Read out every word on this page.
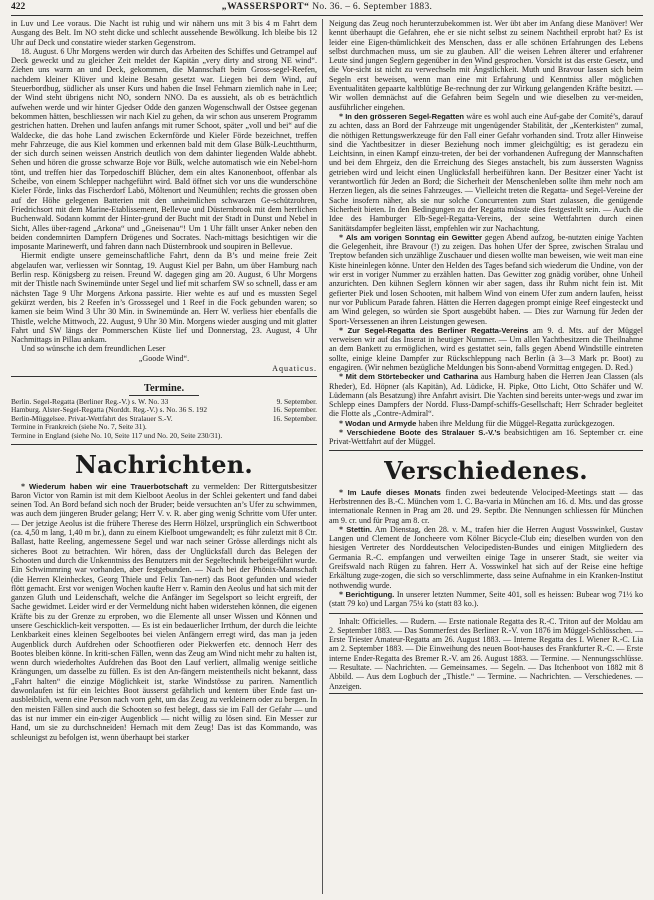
422	„WASSERSPORT“ No. 36. – 6. September 1883.

in Luv und Lee voraus. Die Nacht ist ruhig und wir nähern uns mit 3 bis 4 m Fahrt dem Ausgang des Belt. Im NO steht dicke und schlecht aussehende Bewölkung. Ich bleibe bis 12 Uhr auf Deck und constatire wieder starken Gegenstrom.

18. August. 6 Uhr Morgens werden wir durch das Arbeiten des Schiffes und Getrampel auf Deck geweckt und zu gleicher Zeit meldet der Kapitän „very dirty and strong NE wind“. Ziehen uns warm an und Deck, gekommen, die Mannschaft beim Gross-segel-Reefen, nachdem kleiner Klüver und kleine Besahn gesetzt war. Liegen bei dem Wind, auf Steuerbordbug, südlicher als unser Kurs und haben die Insel Fehmarn ziemlich nahe in Lee; der Wind steht übrigens nicht NO, sondern NNO. Da es aussieht, als ob es beträchtlich aufwehen werde und wir hinter Gjedser Odde den ganzen Wogenschwall der Ostsee gegenan bekommen hätten, beschliessen wir nach Kiel zu gehen, da wir schon aus unserem Programm gestrichen hatten. Drehen und laufen anfangs mit rumer Schoot, später „voll und bei“ auf die Waldecke, die das hohe Land zwischen Eckernförde und Kieler Förde bezeichnet, treffen mehr Fahrzeuge, die aus Kiel kommen und erkennen bald mit dem Glase Bülk-Leuchtthurm, der sich durch seinen weissen Anstrich deutlich von dem dahinter liegenden Walde abhebt. Sehen und hören die grosse schwarze Boje vor Bülk, welche automatisch wie ein Nebel-horn tönt, und treffen hier das Torpedoschiff Blücher, dem ein altes Kanonenboot, offenbar als Scheibe, von einem Schlepper nachgeführt wird. Bald öffnet sich vor uns die wunderschöne Kieler Förde, links das Fischerdorf Labö, Möltenort und Neumühlen; rechts die grossen oben auf der Höhe gelegenen Batterien mit den unheimlichen schwarzen Ge-schützrohren, Friedrichsort mit dem Marine-Etablissement, Bellevue und Düsternbrook mit dem herrlichen Buchenwald. Sodann kommt der Hinter-grund der Bucht mit der Stadt in Dunst und Nebel in Sicht, Alles über-ragend „Arkona“ und „Gneisenau“! Um 1 Uhr fällt unser Anker neben den beiden condemnirten Dampfern Drögenes und Socrates. Nach-mittags besichtigen wir die imposante Marinewerft, und fahren dann nach Düsternbrook und soupiren in Bellevue.

Hiermit endigte unsere gemeinschaftliche Fahrt, denn da B’s und meine freie Zeit abgelaufen war, verliessen wir Sonntag, 19. August Kiel per Bahn, um über Hamburg nach Berlin resp. Königsberg zu reisen. Freund W. dagegen ging am 20. August, 6 Uhr Morgens mit der Thistle nach Swinemünde unter Segel und lief mit scharfem SW so schnell, dass er am nächsten Tage 9 Uhr Morgens Arkona passirte. Hier wehte es auf und es mussten Segel gekürzt werden, bis 2 Reefen in’s Grosssegel und 1 Reef in die Fock gebunden waren; so kamen sie beim Wind 3 Uhr 30 Min. in Swinemünde an. Herr W. verliess hier ebenfalls die Thistle, welche Mittwoch, 22. August, 9 Uhr 30 Min. Morgens wieder ausging und mit glatter Fahrt und SW längs der Pommerschen Küste lief und Donnerstag, 23. August, 4 Uhr Nachmittags in Pillau ankam.

Und so wünsche ich dem freundlichen Leser

„Goode Wind“.
Aquaticus.
Termine.
Berlin. Segel-Regatta (Berliner Reg.-V.) s. W. No. 33	9. September.
Hamburg. Alster-Segel-Regatta (Norddt. Reg.-V.) s. No. 36 S. 192	16. September.
Berlin-Müggelsee. Privat-Wettfahrt des Stralauer S.-V.	16. September.
Termine in Frankreich (siehe No. 7, Seite 31).
Termine in England (siehe No. 10, Seite 117 und No. 20, Seite 230/31).
Nachrichten.

* Wiederum haben wir eine Trauerbotschaft zu vermelden: Der Rittergutsbesitzer Baron Victor von Ramin ist mit dem Kielboot Aeolus in der Schlei gekentert und fand dabei seinen Tod. An Bord befand sich noch der Bruder; beide versuchten an’s Ufer zu schwimmen, was auch dem jüngeren Bruder gelang; Herr V. v. R. aber ging wenig Schritte vom Ufer unter. — Der jetzige Aeolus ist die frühere Therese des Herrn Hölzel, ursprünglich ein Schwertboot (ca. 4,50 m lang, 1,40 m br.), dann zu einem Kielboot umgewandelt; es führ zuletzt mit 8 Ctr. Ballast, hatte Reeling, angemessene Segel und war nach seiner Grösse allerdings nicht als sicheres Boot zu betrachten. Wir hören, dass der Unglücksfall durch das Belegen der Schooten und durch die Unkenntniss des Benutzers mit der Segeltechnik herbeigeführt wurde. Ein Schwimmring war vorhanden, aber festgebunden. — Nach bei der Phönix-Mannschaft (die Herren Kleinheckes, Georg Thiele und Felix Tan-nert) das Boot gefunden und wieder flött gemacht. Erst vor wenigen Wochen kaufte Herr v. Ramin den Aeolus und hat sich mit der ganzen Gluth und Leidenschaft, welche die Anfänger im Segelsport so leicht ergreift, der Sache gewidmet. Leider wird er der Vermeldung nicht haben widerstehen können, die eigenen Kräfte bis zu der Grenze zu erproben, wo die Elemente all unser Wissen und Können und unsere Geschicklich-keit verspotten. — Es ist ein bedauerlicher Irrthum, der durch die leichte Lenkbarkeit eines kleinen Segelbootes bei vielen Anfängern erregt wird, das man ja jeden Augenblick durch Aufdrehen oder Schootfieren oder Piekwerfen etc. dennoch Herr des Bootes bleiben könne. In kriti-schen Fällen, wenn das Zeug am Wind nicht mehr zu halten ist, wenn durch wiederholtes Aufdrehen das Boot den Lauf verliert, allmalig wenige seitliche Krängungen, um dasselbe zu füllen. Es ist den An-fängern meistentheils nicht bekannt, dass „Fahrt halten“ die einzige Möglichkeit ist, starke Windstösse zu pariren. Namentlich dawonlaufen ist für ein leichtes Boot äusserst gefährlich und kentern über Ende fast un-ausbleiblich, wenn eine Person nach vorn geht, um das Zeug zu verkleinern oder zu bergen. In den meisten Fällen sind auch die Schooten so fest belegt, dass sie im Fall der Gefahr — und das ist nur immer ein ein-ziger Augenblick — nicht willig zu lösen sind. Ein Messer zur Hand, um sie zu durchschneiden! Hernach mit dem Zeug! Das ist das Kommando, was schleunigst zu befolgen ist, wenn überhaupt bei starker

Neigung das Zeug noch herunterzubekommen ist. Wer übt aber im Anfang diese Manöver! Wer kennt überhaupt die Gefahren, ehe er sie nicht selbst zu seinem Nachtheil erprobt hat? Es ist leider eine Eigen-thümlichkeit des Menschen, dass er alle schönen Erfahrungen des Lebens selbst durchmachen muss, um sie zu glauben. All’ die weisen Lehren älterer und erfahrener Leute sind jungen Seglern gegenüber in den Wind gesprochen. Vorsicht ist das erste Gesetz, und die Vor-sicht ist nicht zu verwechseln mit Ängstlichkeit. Muth und Bravour lassen sich beim Segeln erst beweisen, wenn man eine mit Erfahrung und Kenntniss aller möglichen Eventualitäten gepaarte kaltblütige Be-rechnung der zur Wirkung gelangenden Kräfte besitzt. — Wir wollen demnächst auf die Gefahren beim Segeln und wie dieselben zu ver-meiden, ausführlicher eingehen.

* In den grösseren Segel-Regatten wäre es wohl auch eine Auf-gabe der Comité’s, darauf zu achten, dass an Bord der Fahrzeuge mit ungenügender Stabilität, der „Kenterkisten“ zumal, die nöthigen Rettungswerkzeuge für den Fall einer Gefahr vorhanden sind. Trotz aller Hinweise sind die Yachtbesitzer in dieser Beziehung noch immer gleichgültig; es ist geradezu ein Leichtsinn, in einen Kampf einzu-treten, der bei der vorhandenen Aufregung der Mannschaften und bei dem Ehrgeiz, den die Erreichung des Sieges anstachelt, bis zum äussersten Wagniss getrieben wird und leicht einen Unglücksfall herbeiführen kann. Der Besitzer einer Yacht ist verantwortlich für Jeden an Bord; die Sicherheit der Menschenleben sollte ihm mehr noch am Herzen liegen, als die seines Fahrzeuges. — Vielleicht treten die Regatta- und Segel-Vereine der Sache insofern näher, als sie nur solche Concurrenten zum Start zulassen, die genügende Sicherheit bieten. In den Bedingungen zu der Regatta müsste dies festgestellt sein. — Auch die Idee des Hamburger Elb-Segel-Regatta-Vereins, der seine Wettfahrten durch einen Sanitätsdampfer begleiten lässt, empfehlen wir zur Nachachtung.

* Als am vorigen Sonntag ein Gewitter gegen Abend aufzog, be-nutzten einige Yachten die Gelegenheit, ihre Bravour (!) zu zeigen. Das hohen Ufer der Spree, zwischen Stralau und Treptow befanden sich unzählige Zuschauer und diesen wollte man beweisen, wie weit man eine Kiste hineinlegen könne. Unter den Helden des Tages befand sich wiederum die Undine, von der wir erst in voriger Nummer zu erzählen hatten. Das Gewitter zog gnädig vorüber, ohne Unheil anzurichten. Den kühnen Seglern können wir aber sagen, dass ihr Ruhm nicht fein ist. Mit gefierter Piek und losen Schooten, mit halbem Wind von einem Ufer zum andern laufen, heisst nur vor Publicum Parade fahren. Hätten die Herren dagegen prompt einige Reef eingesteckt und am Wind gelegen, so würden sie Sport ausgebübt haben. — Dies zur Warnung für Jeden der Sport-Versessenen an ihren Leistungen gewesen.

* Zur Segel-Regatta des Berliner Regatta-Vereins am 9. d. Mts. auf der Müggel verweisen wir auf das Inserat in heutiger Nummer. — Um allen Yachtbesitzern die Theilnahme an dem Bankett zu ermöglichen, wird es gestattet sein, falls gegen Abend Windstille eintreten sollte, einige kleine Dampfer zur Rückschleppung nach Berlin (à 3—3 Mark pr. Boot) zu engagiren. (Wir nehmen bezügliche Meldungen bis Sonn-abend Vormittag entgegen. D. Red.)

* Mit dem Störtebecker und Catharina aus Hamburg haben die Herren Jean Classen (als Rheder), Ed. Höpner (als Kapitän), Ad. Lüdicke, H. Pipke, Otto Licht, Otto Schäfer und W. Lüdemann (als Besatzung) ihre Anfahrt avisirt. Die Yachten sind bereits unter-wegs und zwar im Schlepp eines Dampfers der Nordd. Fluss-Dampf-schiffs-Gesellschaft; Herr Schrader begleitet die Flotte als „Contre-Admiral“.

* Wodan und Armyde haben ihre Meldung für die Müggel-Regatta zurückgezogen.

* Verschiedene Boote des Stralauer S.-V.’s beabsichtigen am 16. September cr. eine Privat-Wettfahrt auf der Müggel.

Verschiedenes.

* Im Laufe dieses Monats finden zwei bedeutende Velociped-Meetings statt — das Herbstrennen des B.-C. München vom 1. C. Ba-varia in München am 16. d. Mts. und das grosse internationale Rennen in Prag am 28. und 29. Septbr. Die Nennungen schliessen für München am 9. cr. und für Prag am 8. cr.

* Stettin. Am Dienstag, den 28. v. M., trafen hier die Herren August Vosswinkel, Gustav Langen und Clement de Joncheere vom Kölner Bicycle-Club ein; dieselben wurden von den hiesigen Vertreter des Norddeutschen Velocipedisten-Bundes und einigen Mitgliedern des Germania R.-C. empfangen und verweilten einige Tage in unserer Stadt, sie weiter via Greifswald nach Rügen zu fahren. Herr A. Vosswinkel hat sich auf der Reise eine heftige Erkältung zuge-zogen, die sich so verschlimmerte, dass seine Aufnahme in ein Kranken-Institut nothwendig wurde.

* Berichtigung. In unserer letzten Nummer, Seite 401, soll es heissen: Bubear wog 71½ ko (statt 79 ko) und Largan 75¼ ko (statt 83 ko.).

Inhalt: Officielles. — Rudern. — Erste nationale Regatta des R.-C. Triton auf der Moldau am 2. September 1883. — Das Sommerfest des Berliner R.-V. von 1876 im Müggel-Schlösschen. — Erste Triester Amateur-Regatta am 26. August 1883. — Interne Regatta des I. Wiener R.-C. Lia am 2. September 1883. — Die Einweihung des neuen Boot-hauses des Frankfurter R.-C. — Erste interne Ender-Regatta des Bremer R.-V. am 26. August 1883. — Termine. — Nennungsschlüsse. — Resultate. — Nachrichten. — Gemeinsames. — Segeln. — Das Itchenboot von 1882 mit 8 Abbild. — Aus dem Logbuch der „Thistle.“ — Termine. — Nachrichten. — Verschiedenes. — Anzeigen.
